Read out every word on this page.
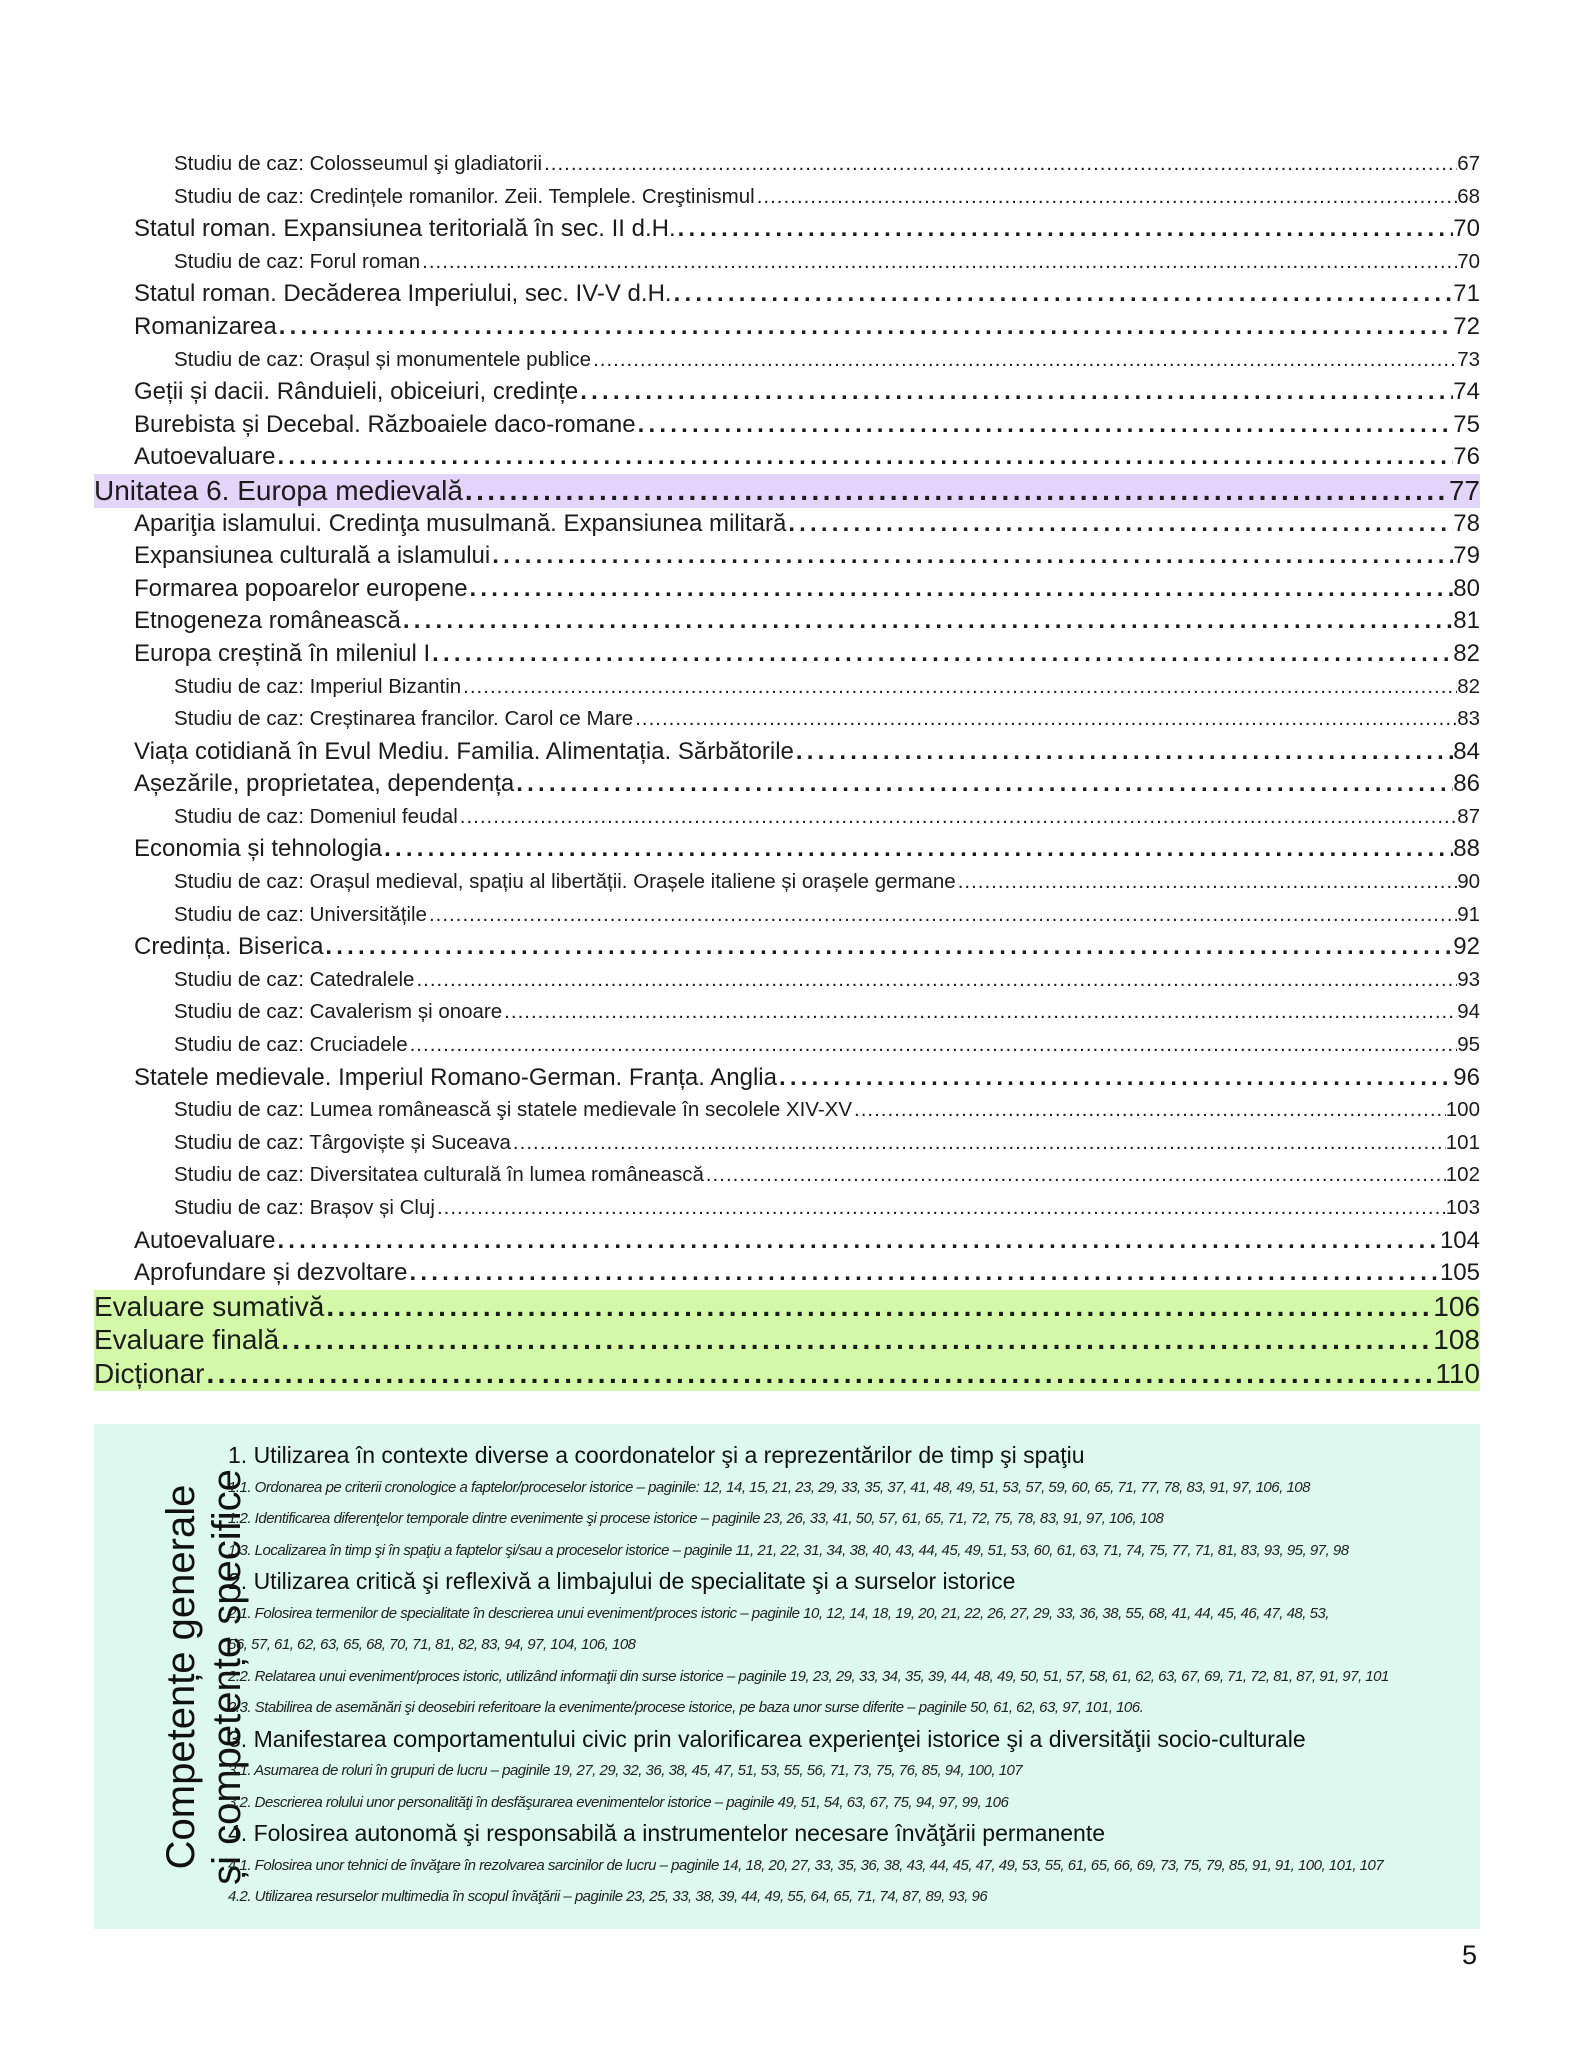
Studiu de caz: Colosseumul şi gladiatorii .....	67
Studiu de caz: Credințele romanilor. Zeii. Templele. Creştinismul .....	68
Statul roman. Expansiunea teritorială în sec. II d.H. .....	70
Studiu de caz: Forul roman .....	70
Statul roman. Decăderea Imperiului, sec. IV-V d.H. .....	71
Romanizarea .....	72
Studiu de caz: Orașul și monumentele publice .....	73
Geții și dacii. Rânduieli, obiceiuri, credințe .....	74
Burebista și Decebal. Războaiele daco-romane .....	75
Autoevaluare .....	76
Unitatea 6. Europa medievală .....	77
Apariţia islamului. Credinţa musulmană. Expansiunea militară .....	78
Expansiunea culturală a islamului .....	79
Formarea popoarelor europene .....	80
Etnogeneza românească .....	81
Europa creștină în mileniul I .....	82
Studiu de caz: Imperiul Bizantin .....	82
Studiu de caz: Creștinarea francilor. Carol ce Mare .....	83
Viața cotidiană în Evul Mediu. Familia. Alimentația. Sărbătorile .....	84
Așezările, proprietatea, dependența .....	86
Studiu de caz: Domeniul feudal .....	87
Economia și tehnologia .....	88
Studiu de caz: Orașul medieval, spațiu al libertății. Orașele italiene și orașele germane .....	90
Studiu de caz: Universitățile .....	91
Credința. Biserica .....	92
Studiu de caz: Catedralele .....	93
Studiu de caz: Cavalerism și onoare .....	94
Studiu de caz: Cruciadele .....	95
Statele medievale. Imperiul Romano-German. Franța. Anglia .....	96
Studiu de caz: Lumea românească şi statele medievale în secolele XIV-XV .....	100
Studiu de caz: Târgoviște și Suceava .....	101
Studiu de caz: Diversitatea culturală în lumea românească .....	102
Studiu de caz: Brașov și Cluj .....	103
Autoevaluare .....	104
Aprofundare și dezvoltare .....	105
Evaluare sumativă .....	106
Evaluare finală .....	108
Dicționar .....	110
Competențe generale și competențe specifice
1. Utilizarea în contexte diverse a coordonatelor şi a reprezentărilor de timp şi spaţiu
1.1. Ordonarea pe criterii cronologice a faptelor/proceselor istorice – paginile: 12, 14, 15, 21, 23, 29, 33, 35, 37, 41, 48, 49, 51, 53, 57, 59, 60, 65, 71, 77, 78, 83, 91, 97, 106, 108
1.2. Identificarea diferenţelor temporale dintre evenimente şi procese istorice – paginile 23, 26, 33, 41, 50, 57, 61, 65, 71, 72, 75, 78, 83, 91, 97, 106, 108
1.3. Localizarea în timp şi în spaţiu a faptelor şi/sau a proceselor istorice – paginile 11, 21, 22, 31, 34, 38, 40, 43, 44, 45, 49, 51, 53, 60, 61, 63, 71, 74, 75, 77, 71, 81, 83, 93, 95, 97, 98
2. Utilizarea critică şi reflexivă a limbajului de specialitate şi a surselor istorice
2.1. Folosirea termenilor de specialitate în descrierea unui eveniment/proces istoric – paginile 10, 12, 14, 18, 19, 20, 21, 22, 26, 27, 29, 33, 36, 38, 55, 68, 41, 44, 45, 46, 47, 48, 53,
56, 57, 61, 62, 63, 65, 68, 70, 71, 81, 82, 83, 94, 97, 104, 106, 108
2.2. Relatarea unui eveniment/proces istoric, utilizând informaţii din surse istorice – paginile 19, 23, 29, 33, 34, 35, 39, 44, 48, 49, 50, 51, 57, 58, 61, 62, 63, 67, 69, 71, 72, 81, 87, 91, 97, 101
2.3. Stabilirea de asemănări şi deosebiri referitoare la evenimente/procese istorice, pe baza unor surse diferite – paginile 50, 61, 62, 63, 97, 101, 106.
3. Manifestarea comportamentului civic prin valorificarea experienţei istorice şi a diversităţii socio-culturale
3.1. Asumarea de roluri în grupuri de lucru – paginile 19, 27, 29, 32, 36, 38, 45, 47, 51, 53, 55, 56, 71, 73, 75, 76, 85, 94, 100, 107
3.2. Descrierea rolului unor personalităţi în desfăşurarea evenimentelor istorice – paginile 49, 51, 54, 63, 67, 75, 94, 97, 99, 106
4. Folosirea autonomă şi responsabilă a instrumentelor necesare învăţării permanente
4.1. Folosirea unor tehnici de învăţare în rezolvarea sarcinilor de lucru – paginile 14, 18, 20, 27, 33, 35, 36, 38, 43, 44, 45, 47, 49, 53, 55, 61, 65, 66, 69, 73, 75, 79, 85, 91, 91, 100, 101, 107
4.2. Utilizarea resurselor multimedia în scopul învăţării – paginile 23, 25, 33, 38, 39, 44, 49, 55, 64, 65, 71, 74, 87, 89, 93, 96
5
